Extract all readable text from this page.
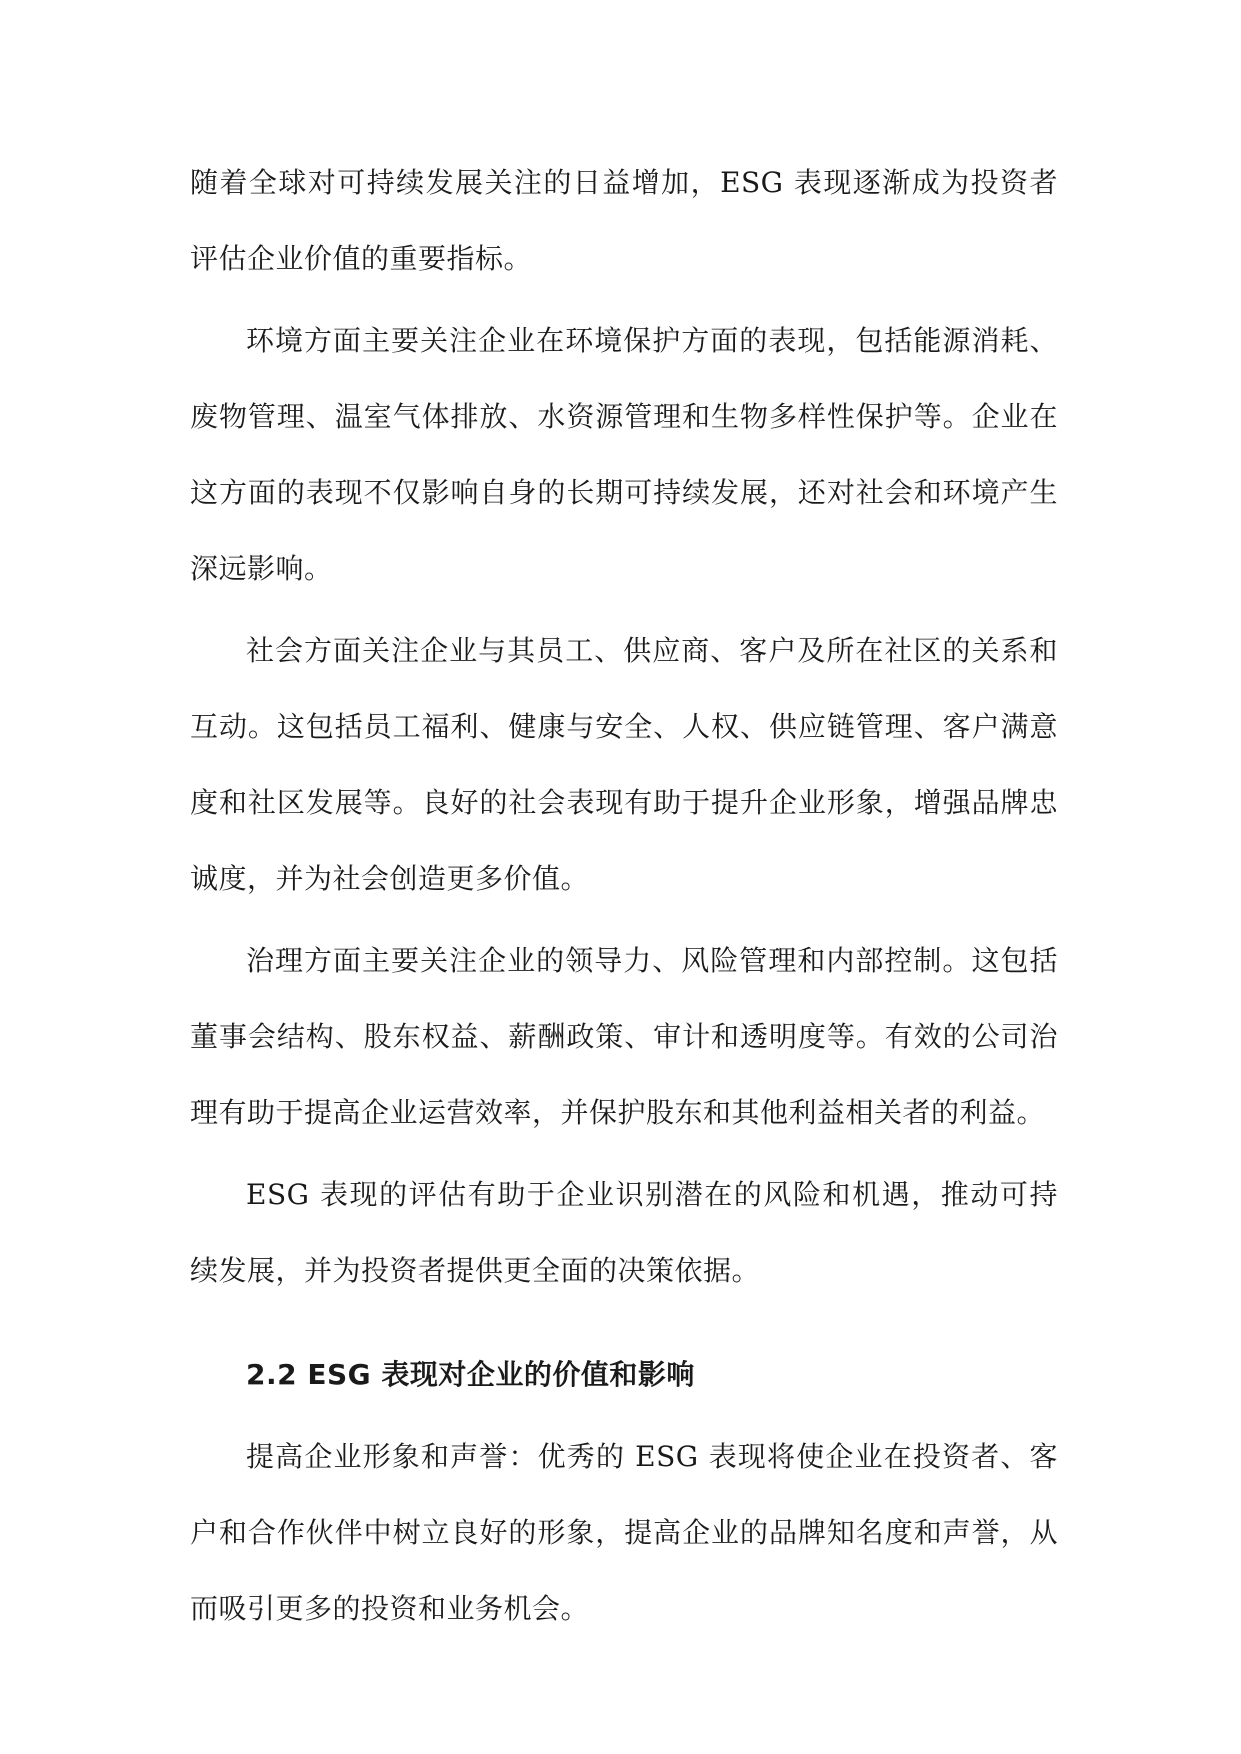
随着全球对可持续发展关注的日益增加，ESG 表现逐渐成为投资者评估企业价值的重要指标。

环境方面主要关注企业在环境保护方面的表现，包括能源消耗、废物管理、温室气体排放、水资源管理和生物多样性保护等。企业在这方面的表现不仅影响自身的长期可持续发展，还对社会和环境产生深远影响。

社会方面关注企业与其员工、供应商、客户及所在社区的关系和互动。这包括员工福利、健康与安全、人权、供应链管理、客户满意度和社区发展等。良好的社会表现有助于提升企业形象，增强品牌忠诚度，并为社会创造更多价值。

治理方面主要关注企业的领导力、风险管理和内部控制。这包括董事会结构、股东权益、薪酬政策、审计和透明度等。有效的公司治理有助于提高企业运营效率，并保护股东和其他利益相关者的利益。

ESG 表现的评估有助于企业识别潜在的风险和机遇，推动可持续发展，并为投资者提供更全面的决策依据。

2.2 ESG 表现对企业的价值和影响

提高企业形象和声誉：优秀的 ESG 表现将使企业在投资者、客户和合作伙伴中树立良好的形象，提高企业的品牌知名度和声誉，从而吸引更多的投资和业务机会。
